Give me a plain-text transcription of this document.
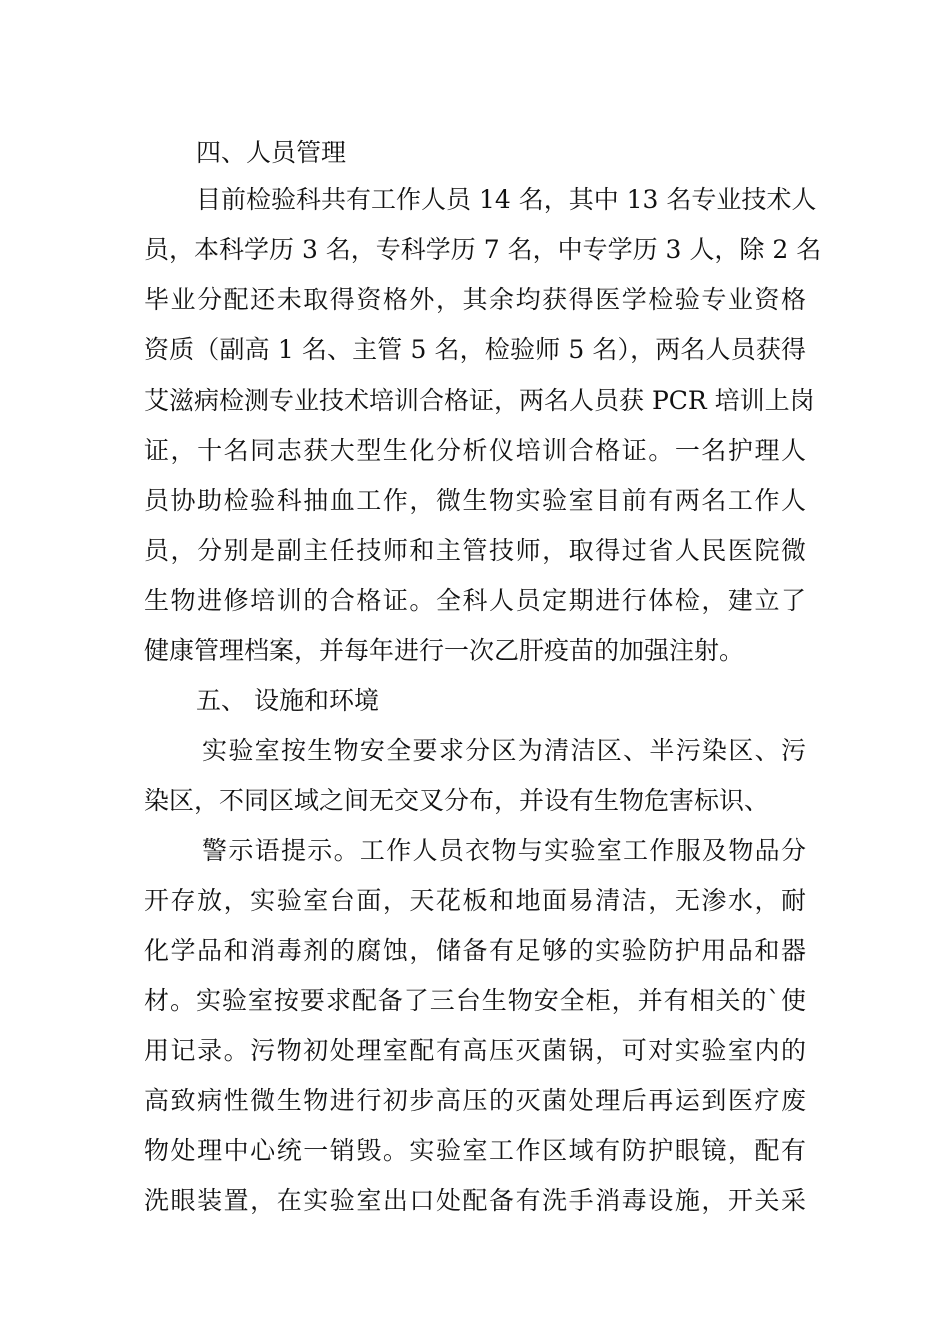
四、人员管理
目前检验科共有工作人员 14 名，其中 13 名专业技术人
员，本科学历 3 名，专科学历 7 名，中专学历 3 人，除 2 名
毕业分配还未取得资格外，其余均获得医学检验专业资格
资质（副高 1 名、主管 5 名，检验师 5 名），两名人员获得
艾滋病检测专业技术培训合格证，两名人员获 PCR 培训上岗
证，十名同志获大型生化分析仪培训合格证。一名护理人
员协助检验科抽血工作，微生物实验室目前有两名工作人
员，分别是副主任技师和主管技师，取得过省人民医院微
生物进修培训的合格证。全科人员定期进行体检，建立了
健康管理档案，并每年进行一次乙肝疫苗的加强注射。
五、 设施和环境
实验室按生物安全要求分区为清洁区、半污染区、污
染区，不同区域之间无交叉分布，并设有生物危害标识、
警示语提示。工作人员衣物与实验室工作服及物品分
开存放，实验室台面，天花板和地面易清洁，无渗水，耐
化学品和消毒剂的腐蚀，储备有足够的实验防护用品和器
材。实验室按要求配备了三台生物安全柜，并有相关的`使
用记录。污物初处理室配有高压灭菌锅，可对实验室内的
高致病性微生物进行初步高压的灭菌处理后再运到医疗废
物处理中心统一销毁。实验室工作区域有防护眼镜，配有
洗眼装置，在实验室出口处配备有洗手消毒设施，开关采
